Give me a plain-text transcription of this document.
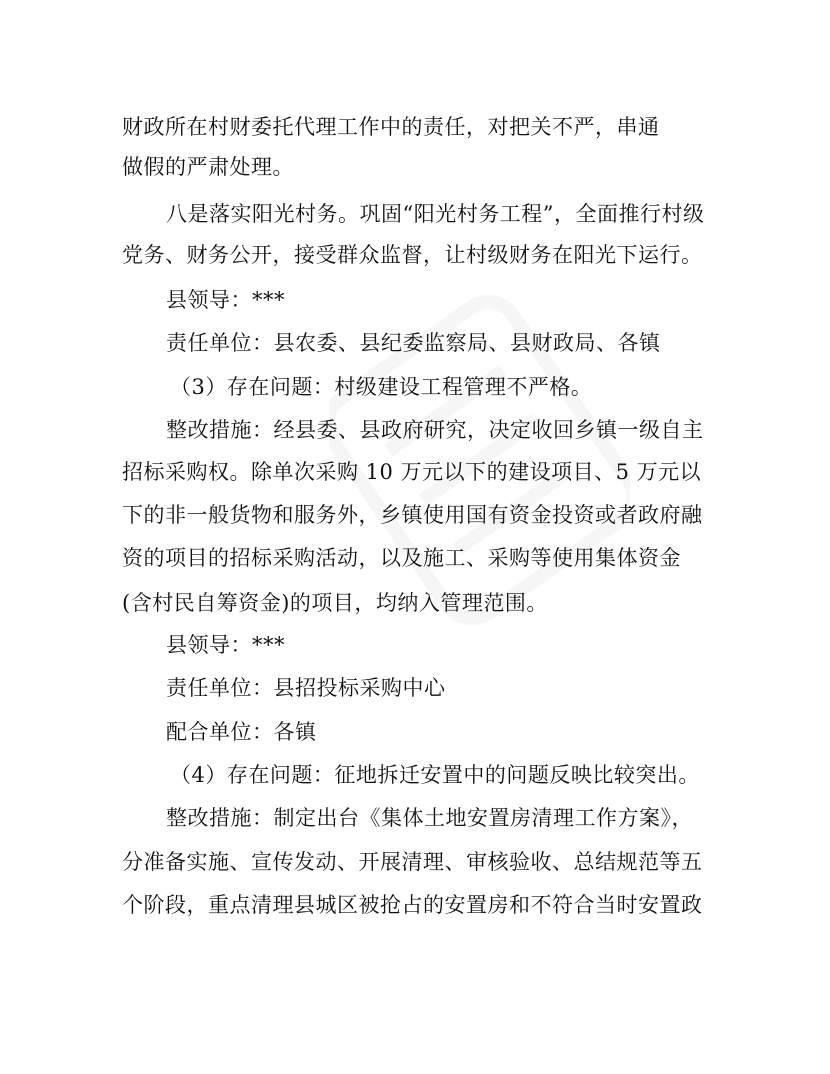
财政所在村财委托代理工作中的责任，对把关不严，串通
做假的严肃处理。
八是落实阳光村务。巩固“阳光村务工程”，全面推行村级
党务、财务公开，接受群众监督，让村级财务在阳光下运行。
县领导：***
责任单位：县农委、县纪委监察局、县财政局、各镇
（3）存在问题：村级建设工程管理不严格。
整改措施：经县委、县政府研究，决定收回乡镇一级自主
招标采购权。除单次采购 10 万元以下的建设项目、5 万元以
下的非一般货物和服务外，乡镇使用国有资金投资或者政府融
资的项目的招标采购活动，以及施工、采购等使用集体资金
(含村民自筹资金)的项目，均纳入管理范围。
县领导：***
责任单位：县招投标采购中心
配合单位：各镇
（4）存在问题：征地拆迁安置中的问题反映比较突出。
整改措施：制定出台《集体土地安置房清理工作方案》，
分准备实施、宣传发动、开展清理、审核验收、总结规范等五
个阶段，重点清理县城区被抢占的安置房和不符合当时安置政
